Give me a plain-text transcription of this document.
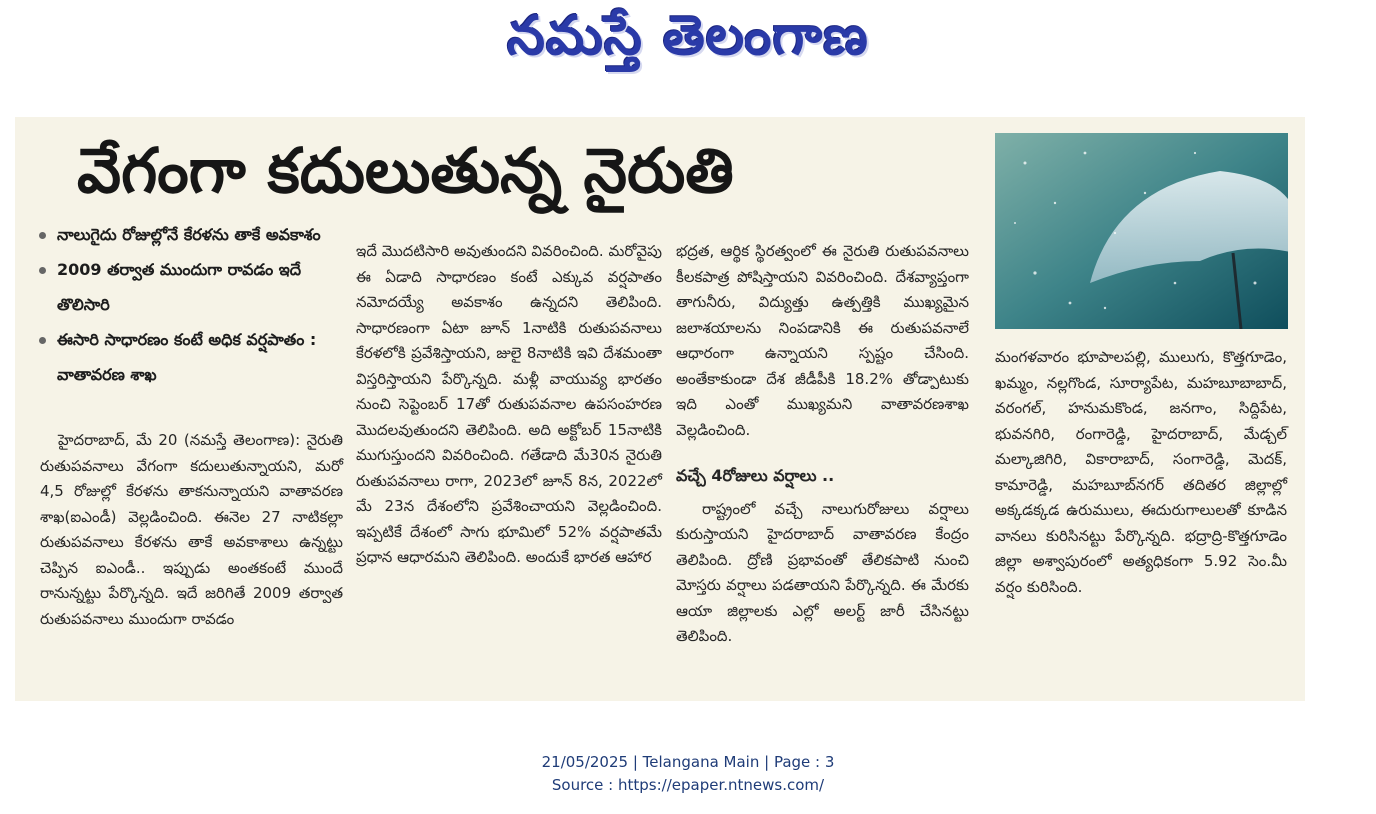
నమస్తే తెలంగాణ
వేగంగా కదులుతున్న నైరుతి
నాలుగైదు రోజుల్లోనే కేరళను తాకే అవకాశం
2009 తర్వాత ముందుగా రావడం ఇదే తొలిసారి
ఈసారి సాధారణం కంటే అధిక వర్షపాతం : వాతావరణ శాఖ
హైదరాబాద్, మే 20 (నమస్తే తెలంగాణ): నైరుతి రుతుపవనాలు వేగంగా కదులుతున్నాయని, మరో 4,5 రోజుల్లో కేరళను తాకనున్నాయని వాతావరణ శాఖ(ఐఎండీ) వెల్లడించింది. ఈనెల 27 నాటికల్లా రుతుపవనాలు కేరళను తాకే అవకాశాలు ఉన్నట్టు చెప్పిన ఐఎండీ.. ఇప్పుడు అంతకంటే ముందే రానున్నట్టు పేర్కొన్నది. ఇదే జరిగితే 2009 తర్వాత రుతుపవనాలు ముందుగా రావడం
ఇదే మొదటిసారి అవుతుందని వివరించింది. మరోవైపు ఈ ఏడాది సాధారణం కంటే ఎక్కువ వర్షపాతం నమోదయ్యే అవకాశం ఉన్నదని తెలిపింది. సాధారణంగా ఏటా జూన్ 1నాటికి రుతుపవనాలు కేరళలోకి ప్రవేశిస్తాయని, జులై 8నాటికి ఇవి దేశమంతా విస్తరిస్తాయని పేర్కొన్నది. మళ్లీ వాయువ్య భారతం నుంచి సెప్టెంబర్ 17తో రుతుపవనాల ఉపసంహరణ మొదలవుతుందని తెలిపింది. అది అక్టోబర్ 15నాటికి ముగుస్తుందని వివరించింది. గతేడాది మే30న నైరుతి రుతుపవనాలు రాగా, 2023లో జూన్ 8న, 2022లో మే 23న దేశంలోని ప్రవేశించాయని వెల్లడించింది. ఇప్పటికే దేశంలో సాగు భూమిలో 52% వర్షపాతమే ప్రధాన ఆధారమని తెలిపింది. అందుకే భారత ఆహార
భద్రత, ఆర్థిక స్థిరత్వంలో ఈ నైరుతి రుతుపవనాలు కీలకపాత్ర పోషిస్తాయని వివరించింది. దేశవ్యాప్తంగా తాగునీరు, విద్యుత్తు ఉత్పత్తికి ముఖ్యమైన జలాశయాలను నింపడానికి ఈ రుతుపవనాలే ఆధారంగా ఉన్నాయని స్పష్టం చేసింది. అంతేకాకుండా దేశ జీడీపీకి 18.2% తోడ్పాటుకు ఇది ఎంతో ముఖ్యమని వాతావరణశాఖ వెల్లడించింది.
వచ్చే 4రోజులు వర్షాలు ..
రాష్ట్రంలో వచ్చే నాలుగురోజులు వర్షాలు కురుస్తాయని హైదరాబాద్ వాతావరణ కేంద్రం తెలిపింది. ద్రోణి ప్రభావంతో తేలికపాటి నుంచి మోస్తరు వర్షాలు పడతాయని పేర్కొన్నది. ఈ మేరకు ఆయా జిల్లాలకు ఎల్లో అలర్ట్ జారీ చేసినట్టు తెలిపింది.
మంగళవారం భూపాలపల్లి, ములుగు, కొత్తగూడెం, ఖమ్మం, నల్లగొండ, సూర్యాపేట, మహబూబాబాద్, వరంగల్, హనుమకొండ, జనగాం, సిద్దిపేట, భువనగిరి, రంగారెడ్డి, హైదరాబాద్, మేడ్చల్ మల్కాజిగిరి, వికారాబాద్, సంగారెడ్డి, మెదక్, కామారెడ్డి, మహబూబ్‌నగర్ తదితర జిల్లాల్లో అక్కడక్కడ ఉరుములు, ఈదురుగాలులతో కూడిన వానలు కురిసినట్టు పేర్కొన్నది. భద్రాద్రి-కొత్తగూడెం జిల్లా అశ్వాపురంలో అత్యధికంగా 5.92 సెం.మీ వర్షం కురిసింది.
21/05/2025 | Telangana Main | Page : 3
Source : https://epaper.ntnews.com/
